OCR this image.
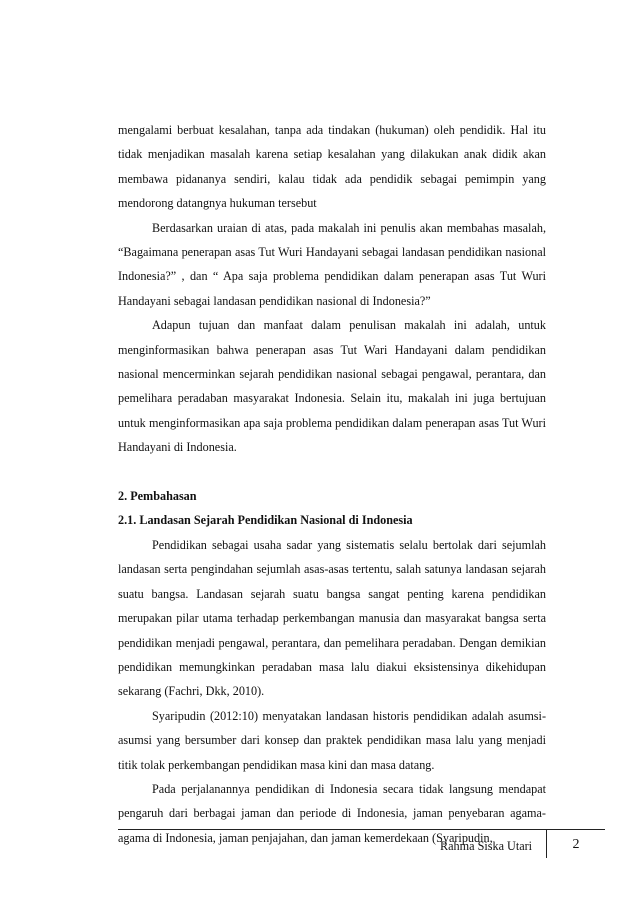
mengalami berbuat kesalahan, tanpa ada tindakan (hukuman) oleh pendidik. Hal itu tidak menjadikan masalah karena setiap kesalahan yang dilakukan anak didik akan membawa pidananya sendiri, kalau tidak ada pendidik sebagai pemimpin yang mendorong datangnya hukuman tersebut

Berdasarkan uraian di atas, pada makalah ini penulis akan membahas masalah, “Bagaimana penerapan asas Tut Wuri Handayani sebagai landasan pendidikan nasional Indonesia?” , dan “ Apa saja problema pendidikan dalam penerapan asas Tut Wuri Handayani sebagai landasan pendidikan nasional di Indonesia?”

Adapun tujuan dan manfaat dalam penulisan makalah ini adalah, untuk menginformasikan bahwa penerapan asas Tut Wari Handayani dalam pendidikan nasional mencerminkan sejarah pendidikan nasional sebagai pengawal, perantara, dan pemelihara peradaban masyarakat Indonesia. Selain itu, makalah ini juga bertujuan untuk menginformasikan apa saja problema pendidikan dalam penerapan asas Tut Wuri Handayani di Indonesia.

2. Pembahasan

2.1. Landasan Sejarah Pendidikan Nasional di Indonesia

Pendidikan sebagai usaha sadar yang sistematis selalu bertolak dari sejumlah landasan serta pengindahan sejumlah asas-asas tertentu, salah satunya landasan sejarah suatu bangsa. Landasan sejarah suatu bangsa sangat penting karena pendidikan merupakan pilar utama terhadap perkembangan manusia dan masyarakat bangsa serta pendidikan menjadi pengawal, perantara, dan pemelihara peradaban. Dengan demikian pendidikan memungkinkan peradaban masa lalu diakui eksistensinya dikehidupan sekarang (Fachri, Dkk, 2010).

Syaripudin (2012:10) menyatakan landasan historis pendidikan adalah asumsi-asumsi yang bersumber dari konsep dan praktek pendidikan masa lalu yang menjadi titik tolak perkembangan pendidikan masa kini dan masa datang.

Pada perjalanannya pendidikan di Indonesia secara tidak langsung mendapat pengaruh dari berbagai jaman dan periode di Indonesia, jaman penyebaran agama-agama di Indonesia, jaman penjajahan, dan jaman kemerdekaan (Syaripudin,

Rahma Siska Utari	2
